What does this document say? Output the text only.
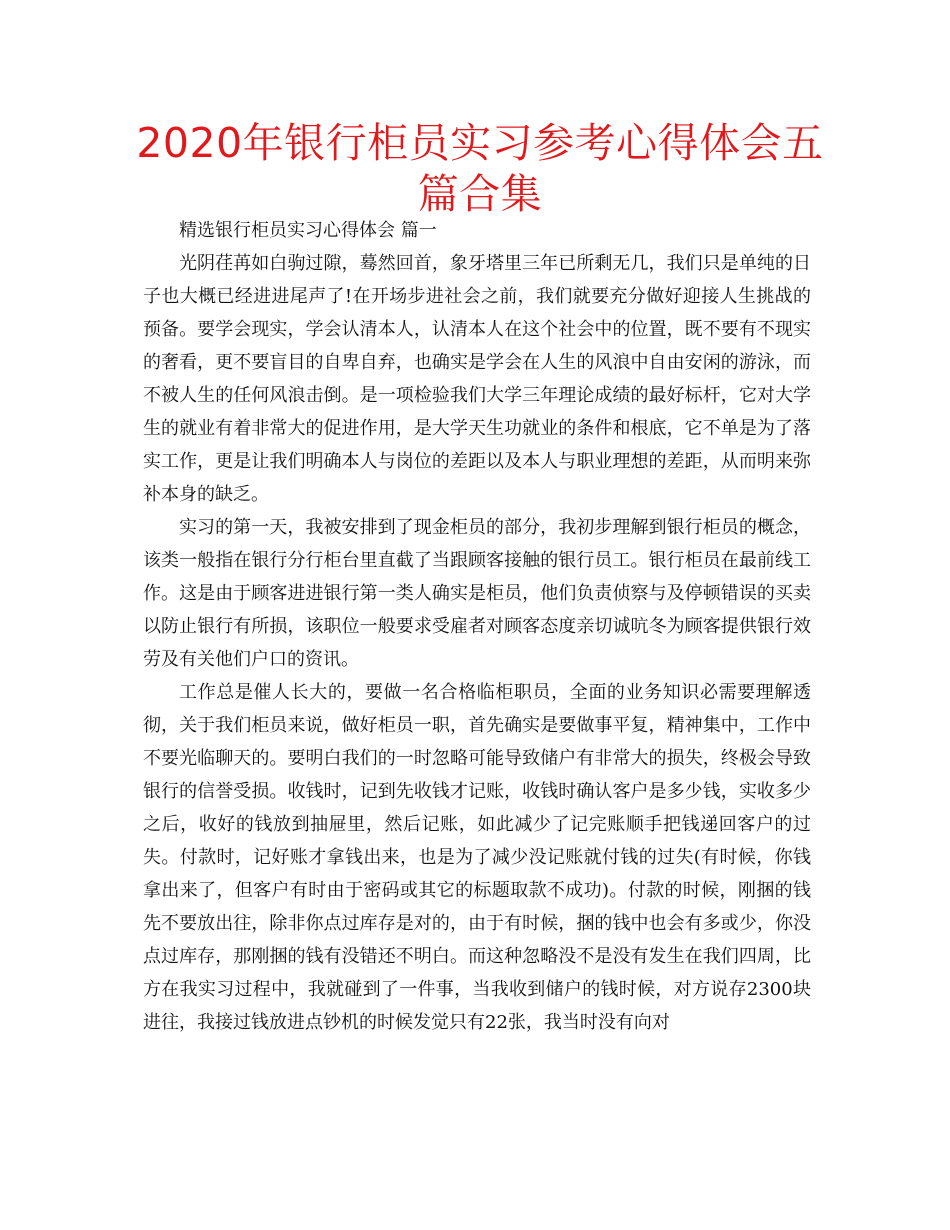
2020年银行柜员实习参考心得体会五篇合集

精选银行柜员实习心得体会 篇一

光阴荏苒如白驹过隙，蓦然回首，象牙塔里三年已所剩无几，我们只是单纯的日子也大概已经进进尾声了!在开场步进社会之前，我们就要充分做好迎接人生挑战的预备。要学会现实，学会认清本人，认清本人在这个社会中的位置，既不要有不现实的奢看，更不要盲目的自卑自弃，也确实是学会在人生的风浪中自由安闲的游泳，而不被人生的任何风浪击倒。是一项检验我们大学三年理论成绩的最好标杆，它对大学生的就业有着非常大的促进作用，是大学天生功就业的条件和根底，它不单是为了落实工作，更是让我们明确本人与岗位的差距以及本人与职业理想的差距，从而明来弥补本身的缺乏。

实习的第一天，我被安排到了现金柜员的部分，我初步理解到银行柜员的概念，该类一般指在银行分行柜台里直截了当跟顾客接触的银行员工。银行柜员在最前线工作。这是由于顾客进进银行第一类人确实是柜员，他们负责侦察与及停顿错误的买卖以防止银行有所损，该职位一般要求受雇者对顾客态度亲切诚吭冬为顾客提供银行效劳及有关他们户口的资讯。

工作总是催人长大的，要做一名合格临柜职员，全面的业务知识必需要理解透彻，关于我们柜员来说，做好柜员一职，首先确实是要做事平复，精神集中，工作中不要光临聊天的。要明白我们的一时忽略可能导致储户有非常大的损失，终极会导致银行的信誉受损。收钱时，记到先收钱才记账，收钱时确认客户是多少钱，实收多少之后，收好的钱放到抽屉里，然后记账，如此减少了记完账顺手把钱递回客户的过失。付款时，记好账才拿钱出来，也是为了减少没记账就付钱的过失(有时候，你钱拿出来了，但客户有时由于密码或其它的标题取款不成功)。付款的时候，刚捆的钱先不要放出往，除非你点过库存是对的，由于有时候，捆的钱中也会有多或少，你没点过库存，那刚捆的钱有没错还不明白。而这种忽略没不是没有发生在我们四周，比方在我实习过程中，我就碰到了一件事，当我收到储户的钱时候，对方说存2300块进往，我接过钱放进点钞机的时候发觉只有22张，我当时没有向对
